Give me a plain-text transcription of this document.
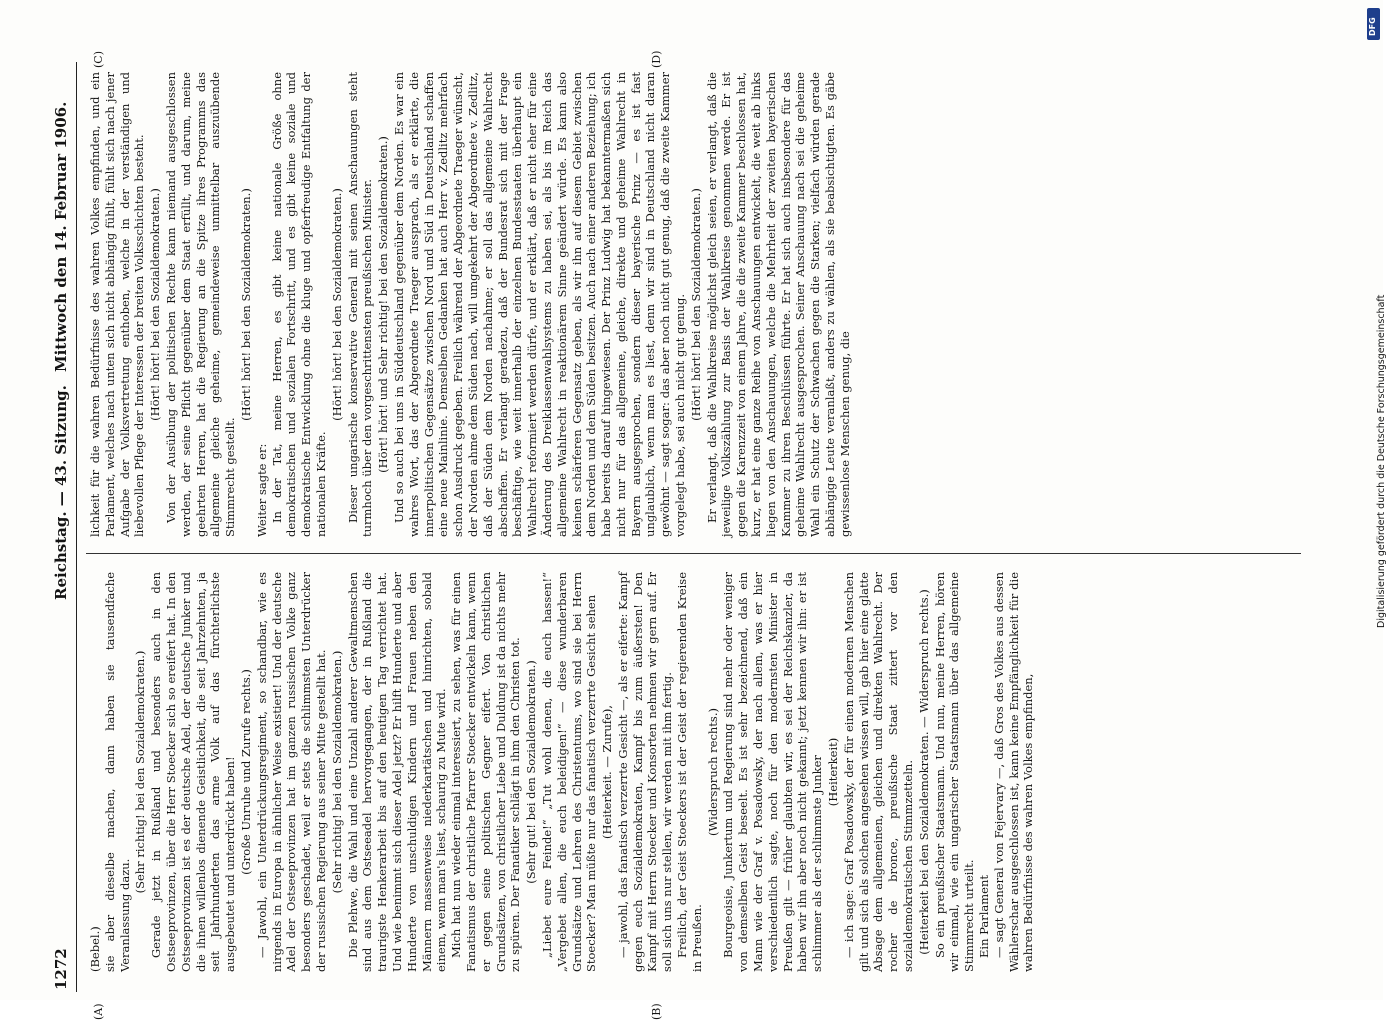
1272
Reichstag. — 43. Sitzung.
Mittwoch den 14. Februar 1906.
(A)	(B)
(C)	(D)

(Bebel.) sie aber dieselbe machen, dann haben sie tausendfache Veranlassung dazu.

(Sehr richtig! bei den Sozialdemokraten.) Gerade jetzt in Rußland und besonders auch in den Ostseeprovinzen, über die Herr Stoecker sich so ereifert hat. In den Ostseeprovinzen ist es der deutsche Adel, der deutsche Junker und die ihnen willenlos dienende Geistlichkeit, die seit Jahrzehnten, ja seit Jahrhunderten das arme Volk auf das fürchterlichste ausgebeutet und unterdrückt haben! (Große Unruhe und Zurufe rechts.) — Jawohl, ein Unterdrückungsregiment, so schandbar, wie es nirgends in Europa in ähnlicher Weise existiert! Und der deutsche Adel der Ostseeprovinzen hat im ganzen russischen Volke ganz besonders geschadet, weil er stets die schlimmsten Unterdrücker der russischen Regierung aus seiner Mitte gestellt hat. (Sehr richtig! bei den Sozialdemokraten.) Die Plehwe, die Wahl und eine Unzahl anderer Gewaltmenschen sind aus dem Ostseeadel hervorgegangen, der in Rußland die traurigste Henkerarbeit bis auf den heutigen Tag verrichtet hat. Und wie benimmt sich dieser Adel jetzt? Er hilft Hunderte und aber Hunderte von unschuldigen Kindern und Frauen neben den Männern massenweise niederkartätschen und hinrichten, sobald einem, wenn man's liest, schaurig zu Mute wird. Mich hat nun wieder einmal interessiert, zu sehen, was für einen Fanatismus der christliche Pfarrer Stoecker entwickeln kann, wenn er gegen seine politischen Gegner eifert. Von christlichen Grundsätzen, von christlicher Liebe und Duldung ist da nichts mehr zu spüren. Der Fanatiker schlägt in ihm den Christen tot. (Sehr gut! bei den Sozialdemokraten.) „Liebet eure Feinde!“ „Tut wohl denen, die euch hassen!“ „Vergebet allen, die euch beleidigen!“ — diese wunderbaren Grundsätze und Lehren des Christentums, wo sind sie bei Herrn Stoecker? Man müßte nur das fanatisch verzerrte Gesicht sehen (Heiterkeit. — Zurufe), — jawohl, das fanatisch verzerrte Gesicht —, als er eiferte: Kampf gegen euch Sozialdemokraten, Kampf bis zum äußersten! Den Kampf mit Herrn Stoecker und Konsorten nehmen wir gern auf. Er soll sich uns nur stellen, wir werden mit ihm fertig. Freilich, der Geist Stoeckers ist der Geist der regierenden Kreise in Preußen.

(Widerspruch rechts.) Bourgeoisie, Junkertum und Regierung sind mehr oder weniger von demselben Geist beseelt. Es ist sehr bezeichnend, daß ein Mann wie der Graf v. Posadowsky, der nach allem, was er hier verschiedentlich sagte, noch für den modernsten Minister in Preußen gilt — früher glaubten wir, es sei der Reichskanzler, da haben wir ihn aber noch nicht gekannt; jetzt kennen wir ihn: er ist schlimmer als der schlimmste Junker (Heiterkeit) — ich sage: Graf Posadowsky, der für einen modernen Menschen gilt und sich als solchen angesehen wissen will, gab hier eine glatte Absage dem allgemeinen, gleichen und direkten Wahlrecht. Der rocher de bronce, preußische Staat zittert vor den sozialdemokratischen Stimmzetteln. (Heiterkeit bei den Sozialdemokraten. — Widerspruch rechts.) So ein preußischer Staatsmann. Und nun, meine Herren, hören wir einmal, wie ein ungarischer Staatsmann über das allgemeine Stimmrecht urteilt. Ein Parlament — sagt General von Fejervary —, daß Gros des Volkes aus dessen Wählerschar ausgeschlossen ist, kann keine Empfänglichkeit für die wahren Bedürfnisse des wahren Volkes empfinden,

lichkeit für die wahren Bedürfnisse des wahren Volkes empfinden, und ein Parlament, welches nach unten sich nicht abhängig fühlt, fühlt sich nach jener Aufgabe der Volksvertretung enthoben, welche in der verständigen und liebevollen Pflege der Interessen der breiten Volksschichten besteht. (Hört! hört! bei den Sozialdemokraten.) Von der Ausübung der politischen Rechte kann niemand ausgeschlossen werden, der seine Pflicht gegenüber dem Staat erfüllt, und darum, meine geehrten Herren, hat die Regierung an die Spitze ihres Programms das allgemeine gleiche geheime, gemeindeweise unmittelbar auszuübende Stimmrecht gestellt.

(Hört! hört! bei den Sozialdemokraten.)

Weiter sagte er: In der Tat, meine Herren, es gibt keine nationale Größe ohne demokratischen und sozialen Fortschritt, und es gibt keine soziale und demokratische Entwicklung ohne die kluge und opferfreudige Entfaltung der nationalen Kräfte.

(Hört! hört! bei den Sozialdemokraten.) Dieser ungarische konservative General mit seinen Anschauungen steht turmhoch über den vorgeschrittensten preußischen Minister. (Hört! hört! und Sehr richtig! bei den Sozialdemokraten.) Und so auch bei uns in Süddeutschland gegenüber dem Norden. Es war ein wahres Wort, das der Abgeordnete Traeger aussprach, als er erklärte, die innerpolitischen Gegensätze zwischen Nord und Süd in Deutschland schaffen eine neue Mainlinie. Demselben Gedanken hat auch Herr v. Zedlitz mehrfach schon Ausdruck gegeben. Freilich während der Abgeordnete Traeger wünscht, der Norden ahme dem Süden nach, will umgekehrt der Abgeordnete v. Zedlitz, daß der Süden dem Norden nachahme; er soll das allgemeine Wahlrecht abschaffen. Er verlangt geradezu, daß der Bundesrat sich mit der Frage beschäftige, wie weit innerhalb der einzelnen Bundesstaaten überhaupt ein Wahlrecht reformiert werden dürfe, und er erklärt, daß er nicht eher für eine Änderung des Dreiklassenwahlsystems zu haben sei, als bis im Reich das allgemeine Wahlrecht in reaktionärem Sinne geändert würde. Es kann also keinen schärferen Gegensatz geben, als wir ihn auf diesem Gebiet zwischen dem Norden und dem Süden besitzen. Auch nach einer anderen Beziehung; ich habe bereits darauf hingewiesen. Der Prinz Ludwig hat bekanntermaßen sich nicht nur für das allgemeine, gleiche, direkte und geheime Wahlrecht in Bayern ausgesprochen, sondern dieser bayerische Prinz — es ist fast unglaublich, wenn man es liest, denn wir sind in Deutschland nicht daran gewöhnt — sagt sogar: das aber noch nicht gut genug, daß die zweite Kammer vorgelegt habe, sei auch nicht gut genug. (Hört! hört! bei den Sozialdemokraten.) Er verlangt, daß die Wahlkreise möglichst gleich seien, er verlangt, daß die jeweilige Volkszählung zur Basis der Wahlkreise genommen werde. Er ist gegen die Karenzzeit von einem Jahre, die die zweite Kammer beschlossen hat, kurz, er hat eine ganze Reihe von Anschauungen entwickelt, die weit ab links liegen von den Anschauungen, welche die Mehrheit der zweiten bayerischen Kammer zu ihren Beschlüssen führte. Er hat sich auch insbesondere für das geheime Wahlrecht ausgesprochen. Seiner Anschauung nach sei die geheime Wahl ein Schutz der Schwachen gegen die Starken; vielfach würden gerade abhängige Leute veranlaßt, anders zu wählen, als sie beabsichtigten. Es gäbe gewissenlose Menschen genug, die	Digitalisierung gefördert durch die Deutsche Forschungsgemeinschaft
DFG
